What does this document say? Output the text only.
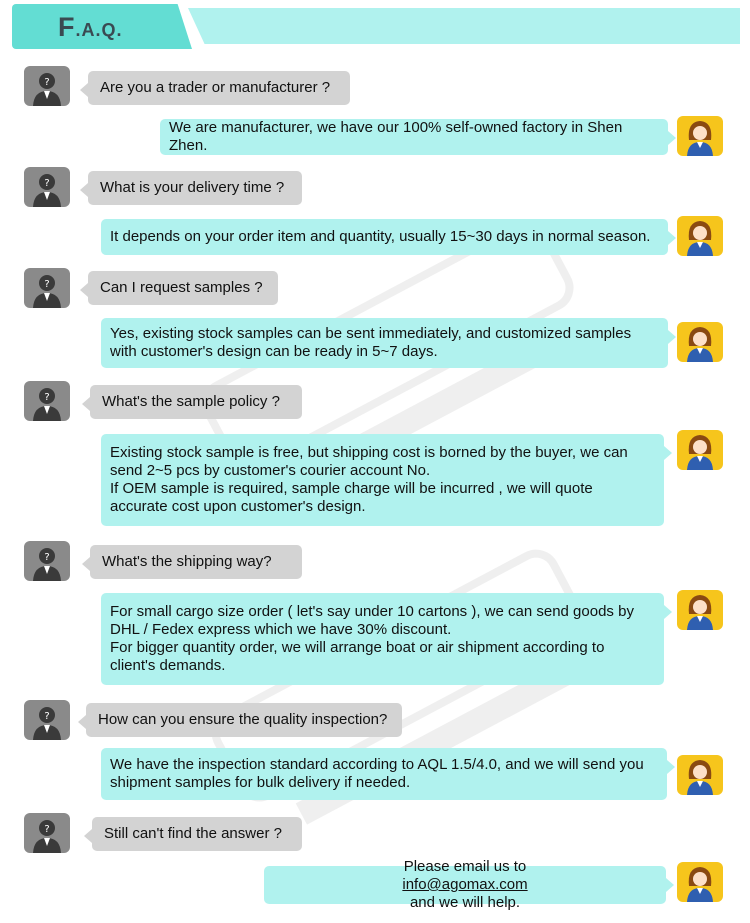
F.A.Q.
?	Are you a trader or manufacturer ?
We are manufacturer, we have our 100% self-owned factory in Shen Zhen.
?	What is your delivery time ?
It depends on your order item and quantity, usually 15~30 days in normal season.
?	Can I request samples ?
Yes, existing stock samples can be sent immediately, and customized samples
with customer's design can be ready in 5~7 days.
?	What's the sample policy ?
Existing stock sample is free, but shipping cost is borned by the buyer, we can
send 2~5 pcs by customer's courier account No.
If OEM sample is required, sample charge will be incurred , we will quote
accurate cost upon customer's design.
?	What's the shipping way?
For small cargo size order ( let's say under 10 cartons ), we can send goods by
DHL / Fedex express which we have 30% discount.
For bigger quantity order, we will arrange boat or air shipment according to
client's demands.
?	How can you ensure the quality inspection?
We have the inspection standard according to AQL 1.5/4.0, and we will send you
shipment samples for bulk delivery if needed.
?	Still can't find the answer ?
Please email us to
info@agomax.com
and we will help.
